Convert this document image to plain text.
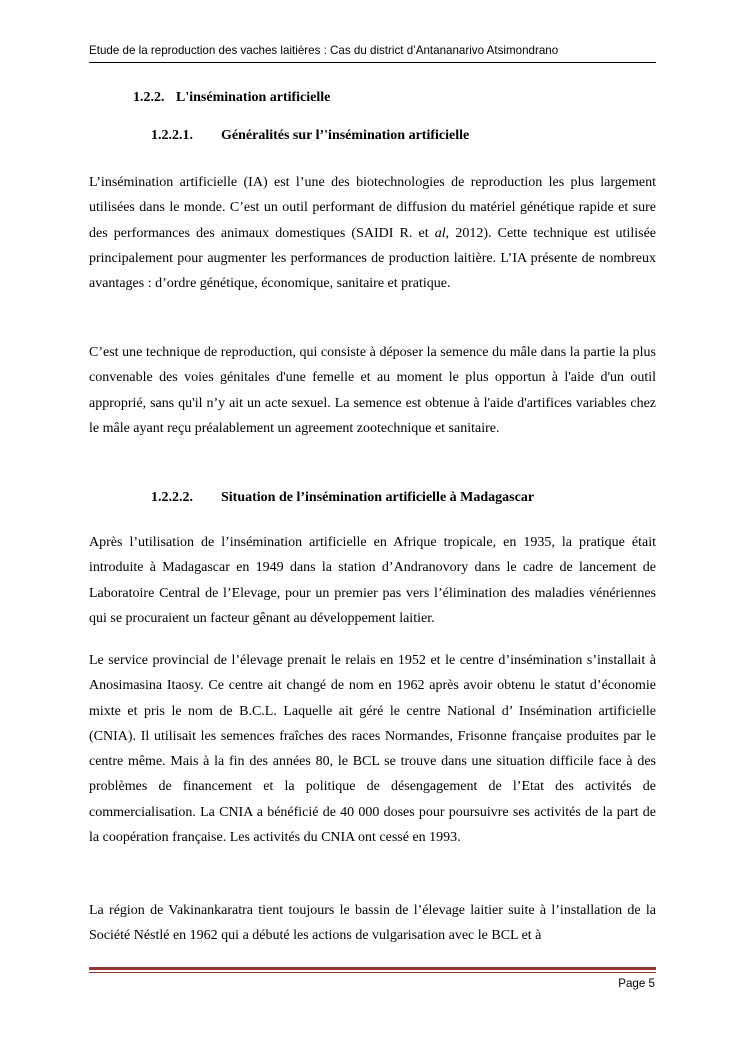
Etude de la reproduction des vaches laitières : Cas du district d’Antananarivo Atsimondrano
1.2.2. L'insémination artificielle
1.2.2.1. Généralités sur l’'insémination artificielle

L’insémination artificielle (IA) est l’une des biotechnologies de reproduction les plus largement utilisées dans le monde. C’est un outil performant de diffusion du matériel génétique rapide et sure des performances des animaux domestiques (SAIDI R. et al, 2012). Cette technique est utilisée principalement pour augmenter les performances de production laitière. L’IA présente de nombreux avantages : d’ordre génétique, économique, sanitaire et pratique.

C’est une technique de reproduction, qui consiste à déposer la semence du mâle dans la partie la plus convenable des voies génitales d'une femelle et au moment le plus opportun à l'aide d'un outil approprié, sans qu'il n’y ait un acte sexuel. La semence est obtenue à l'aide d'artifices variables chez le mâle ayant reçu préalablement un agreement zootechnique et sanitaire.

1.2.2.2. Situation de l’insémination artificielle à Madagascar

Après l’utilisation de l’insémination artificielle en Afrique tropicale, en 1935, la pratique était introduite à Madagascar en 1949 dans la station d’Andranovory dans le cadre de lancement de Laboratoire Central de l’Elevage, pour un premier pas vers l’élimination des maladies vénériennes qui se procuraient un facteur gênant au développement laitier.

Le service provincial de l’élevage prenait le relais en 1952 et le centre d’insémination s’installait à Anosimasina Itaosy. Ce centre ait changé de nom en 1962 après avoir obtenu le statut d’économie mixte et pris le nom de B.C.L. Laquelle ait géré le centre National d’ Insémination artificielle (CNIA). Il utilisait les semences fraîches des races Normandes, Frisonne française produites par le centre même. Mais à la fin des années 80, le BCL se trouve dans une situation difficile face à des problèmes de financement et la politique de désengagement de l’Etat des activités de commercialisation. La CNIA a bénéficié de 40 000 doses pour poursuivre ses activités de la part de la coopération française. Les activités du CNIA ont cessé en 1993.

La région de Vakinankaratra tient toujours le bassin de l’élevage laitier suite à l’installation de la Société Néstlé en 1962 qui a débuté les actions de vulgarisation avec le BCL et à

Page 5
